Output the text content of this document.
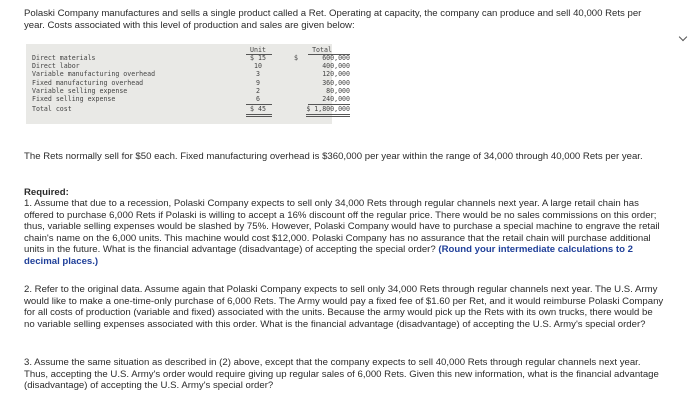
Polaski Company manufactures and sells a single product called a Ret. Operating at capacity, the company can produce and sell 40,000 Rets per year. Costs associated with this level of production and sales are given below:
Unit	Total
Direct materials	$ 15	$	600,000
Direct labor	10	400,000
Variable manufacturing overhead	3	120,000
Fixed manufacturing overhead	9	360,000
Variable selling expense	2	80,000
Fixed selling expense	6	240,000
Total cost	$ 45	$ 1,800,000
The Rets normally sell for $50 each. Fixed manufacturing overhead is $360,000 per year within the range of 34,000 through 40,000 Rets per year.
Required:
1. Assume that due to a recession, Polaski Company expects to sell only 34,000 Rets through regular channels next year. A large retail chain has offered to purchase 6,000 Rets if Polaski is willing to accept a 16% discount off the regular price. There would be no sales commissions on this order; thus, variable selling expenses would be slashed by 75%. However, Polaski Company would have to purchase a special machine to engrave the retail chain's name on the 6,000 units. This machine would cost $12,000. Polaski Company has no assurance that the retail chain will purchase additional units in the future. What is the financial advantage (disadvantage) of accepting the special order? (Round your intermediate calculations to 2 decimal places.)
2. Refer to the original data. Assume again that Polaski Company expects to sell only 34,000 Rets through regular channels next year. The U.S. Army would like to make a one-time-only purchase of 6,000 Rets. The Army would pay a fixed fee of $1.60 per Ret, and it would reimburse Polaski Company for all costs of production (variable and fixed) associated with the units. Because the army would pick up the Rets with its own trucks, there would be no variable selling expenses associated with this order. What is the financial advantage (disadvantage) of accepting the U.S. Army's special order?
3. Assume the same situation as described in (2) above, except that the company expects to sell 40,000 Rets through regular channels next year. Thus, accepting the U.S. Army's order would require giving up regular sales of 6,000 Rets. Given this new information, what is the financial advantage (disadvantage) of accepting the U.S. Army's special order?
